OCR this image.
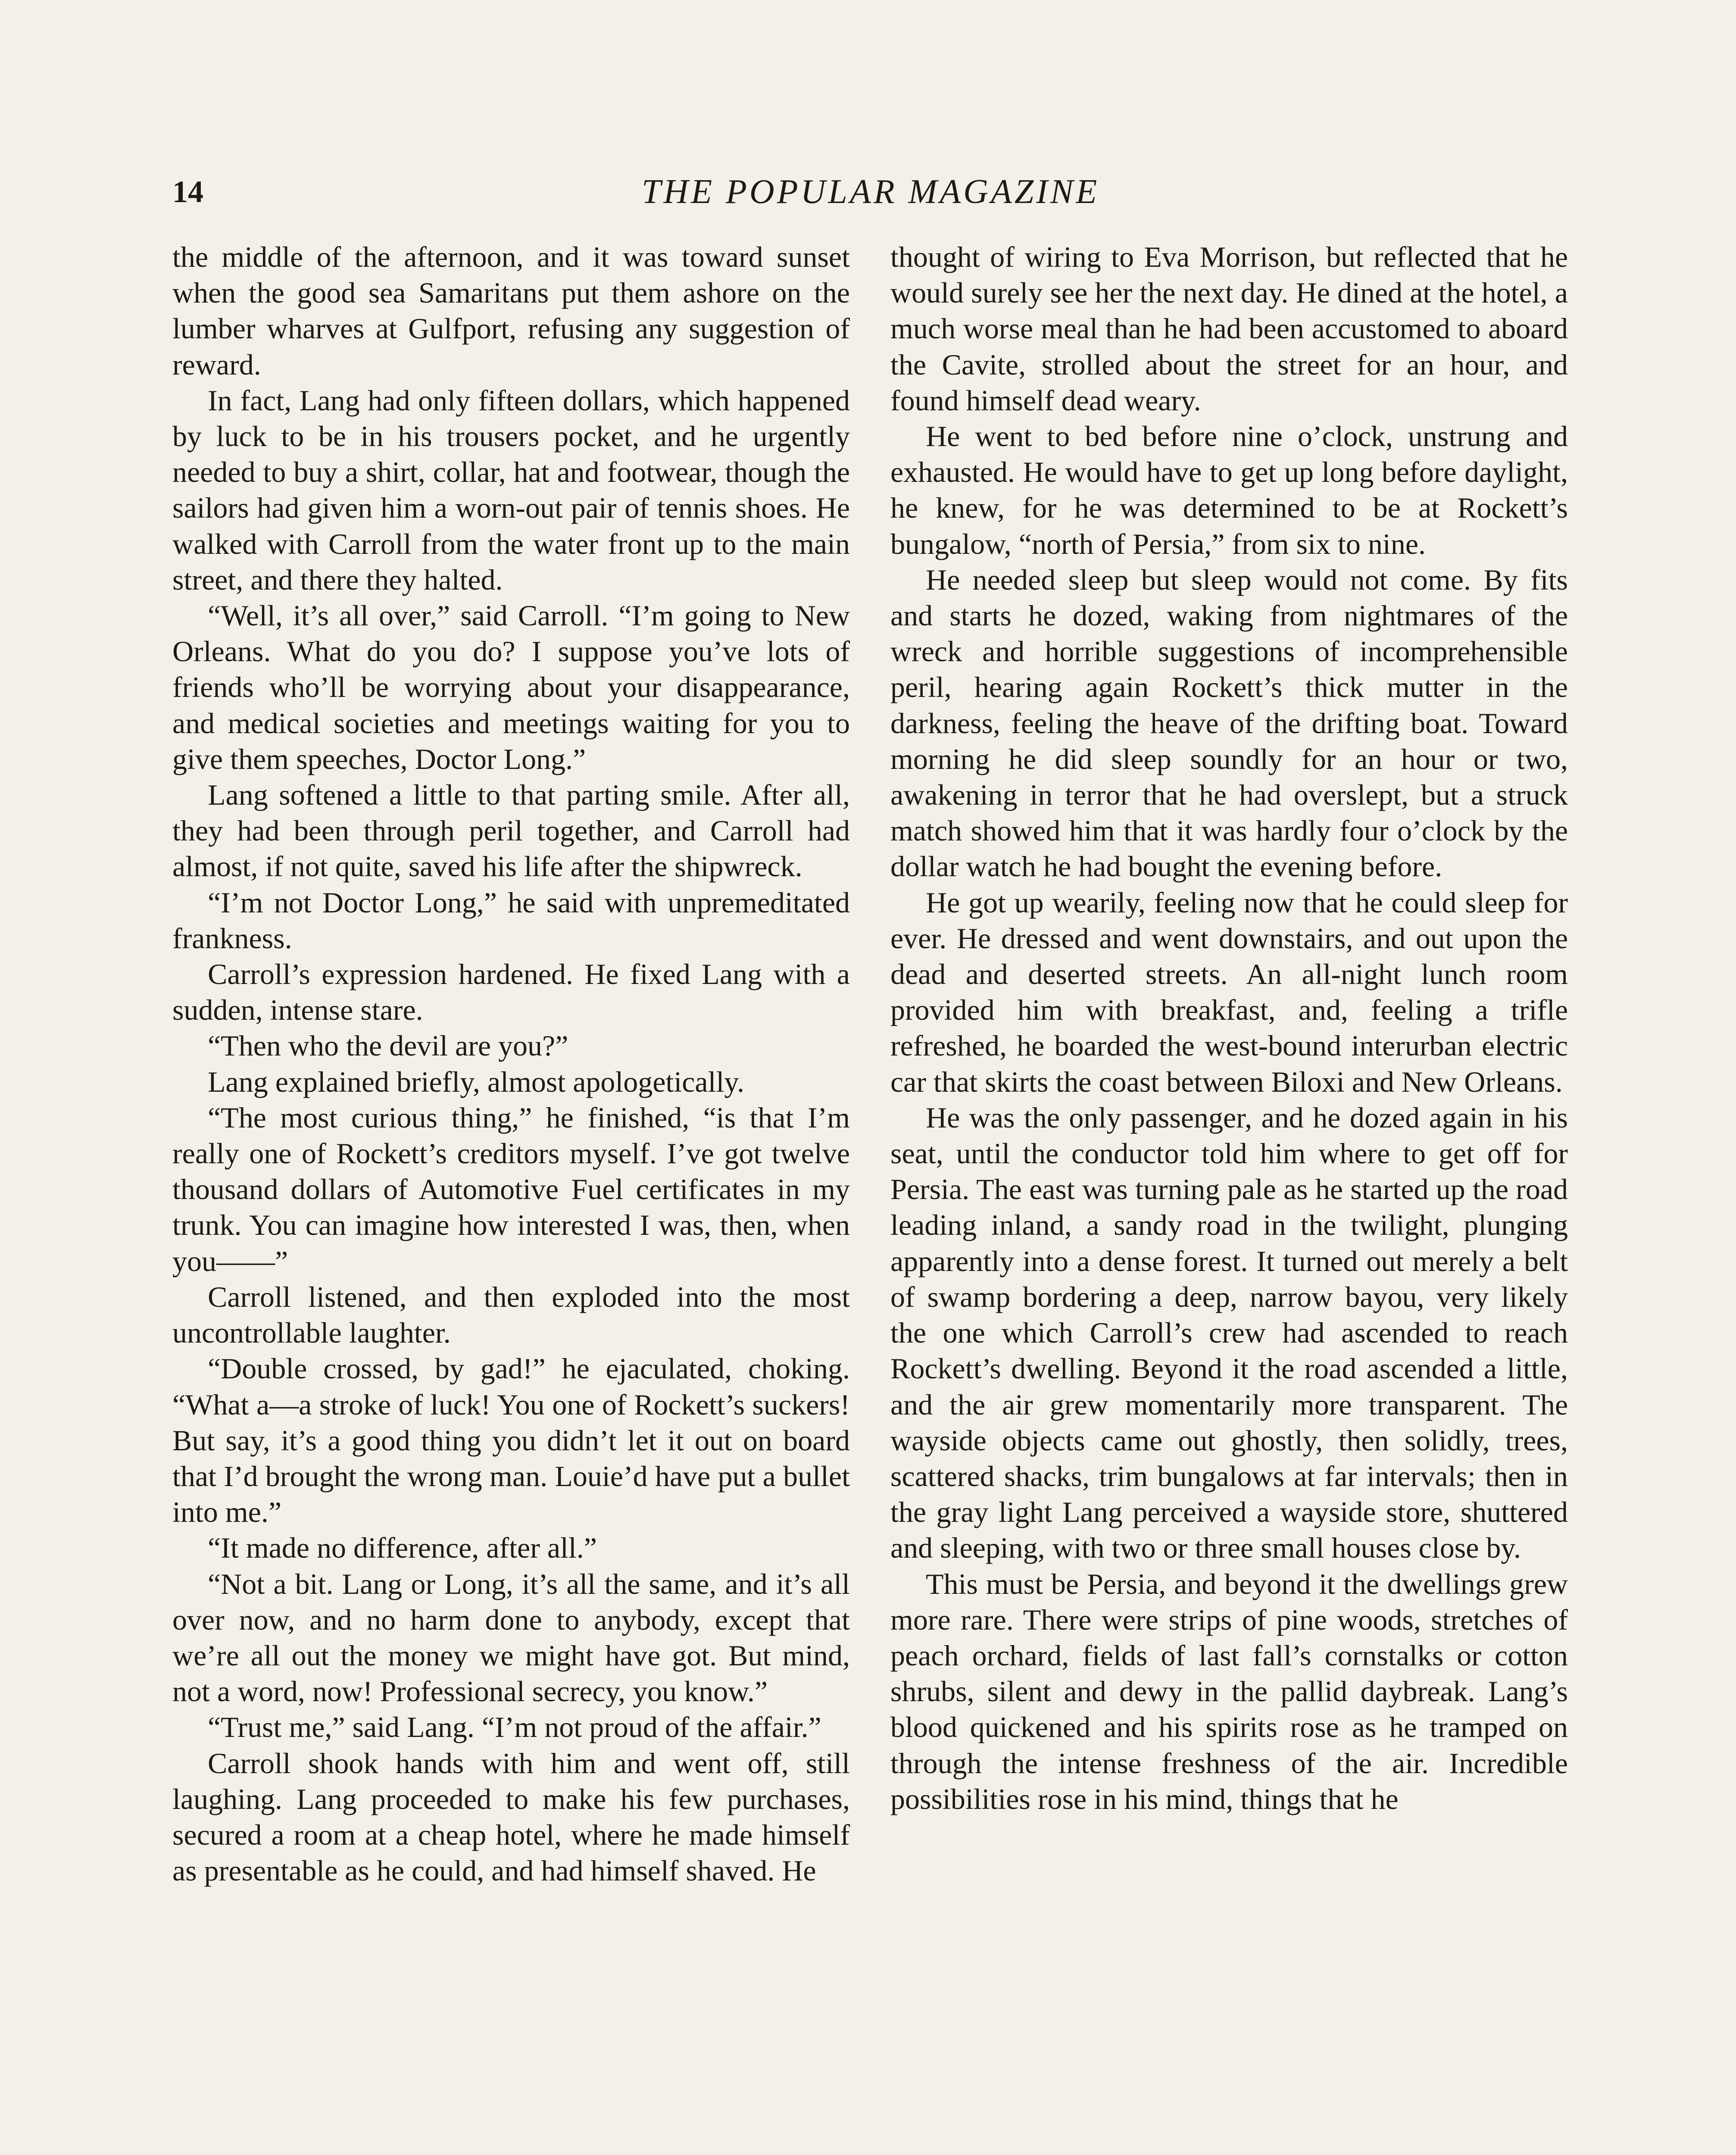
14	THE POPULAR MAGAZINE

the middle of the afternoon, and it was toward sunset when the good sea Samaritans put them ashore on the lumber wharves at Gulfport, refusing any suggestion of reward.

In fact, Lang had only fifteen dollars, which happened by luck to be in his trousers pocket, and he urgently needed to buy a shirt, collar, hat and footwear, though the sailors had given him a worn-out pair of tennis shoes. He walked with Carroll from the water front up to the main street, and there they halted.

“Well, it’s all over,” said Carroll. “I’m going to New Orleans. What do you do? I suppose you’ve lots of friends who’ll be worrying about your disappearance, and medical societies and meetings waiting for you to give them speeches, Doctor Long.”

Lang softened a little to that parting smile. After all, they had been through peril together, and Carroll had almost, if not quite, saved his life after the shipwreck.

“I’m not Doctor Long,” he said with unpremeditated frankness.

Carroll’s expression hardened. He fixed Lang with a sudden, intense stare.

“Then who the devil are you?”

Lang explained briefly, almost apologetically.

“The most curious thing,” he finished, “is that I’m really one of Rockett’s creditors myself. I’ve got twelve thousand dollars of Automotive Fuel certificates in my trunk. You can imagine how interested I was, then, when you——”

Carroll listened, and then exploded into the most uncontrollable laughter.

“Double crossed, by gad!” he ejaculated, choking. “What a—a stroke of luck! You one of Rockett’s suckers! But say, it’s a good thing you didn’t let it out on board that I’d brought the wrong man. Louie’d have put a bullet into me.”

“It made no difference, after all.”

“Not a bit. Lang or Long, it’s all the same, and it’s all over now, and no harm done to anybody, except that we’re all out the money we might have got. But mind, not a word, now! Professional secrecy, you know.”

“Trust me,” said Lang. “I’m not proud of the affair.”

Carroll shook hands with him and went off, still laughing. Lang proceeded to make his few purchases, secured a room at a cheap hotel, where he made himself as presentable as he could, and had himself shaved. He

thought of wiring to Eva Morrison, but reflected that he would surely see her the next day. He dined at the hotel, a much worse meal than he had been accustomed to aboard the Cavite, strolled about the street for an hour, and found himself dead weary.

He went to bed before nine o’clock, unstrung and exhausted. He would have to get up long before daylight, he knew, for he was determined to be at Rockett’s bungalow, “north of Persia,” from six to nine.

He needed sleep but sleep would not come. By fits and starts he dozed, waking from nightmares of the wreck and horrible suggestions of incomprehensible peril, hearing again Rockett’s thick mutter in the darkness, feeling the heave of the drifting boat. Toward morning he did sleep soundly for an hour or two, awakening in terror that he had overslept, but a struck match showed him that it was hardly four o’clock by the dollar watch he had bought the evening before.

He got up wearily, feeling now that he could sleep for ever. He dressed and went downstairs, and out upon the dead and deserted streets. An all-night lunch room provided him with breakfast, and, feeling a trifle refreshed, he boarded the west-bound interurban electric car that skirts the coast between Biloxi and New Orleans.

He was the only passenger, and he dozed again in his seat, until the conductor told him where to get off for Persia. The east was turning pale as he started up the road leading inland, a sandy road in the twilight, plunging apparently into a dense forest. It turned out merely a belt of swamp bordering a deep, narrow bayou, very likely the one which Carroll’s crew had ascended to reach Rockett’s dwelling. Beyond it the road ascended a little, and the air grew momentarily more transparent. The wayside objects came out ghostly, then solidly, trees, scattered shacks, trim bungalows at far intervals; then in the gray light Lang perceived a wayside store, shuttered and sleeping, with two or three small houses close by.

This must be Persia, and beyond it the dwellings grew more rare. There were strips of pine woods, stretches of peach orchard, fields of last fall’s cornstalks or cotton shrubs, silent and dewy in the pallid daybreak. Lang’s blood quickened and his spirits rose as he tramped on through the intense freshness of the air. Incredible possibilities rose in his mind, things that he
